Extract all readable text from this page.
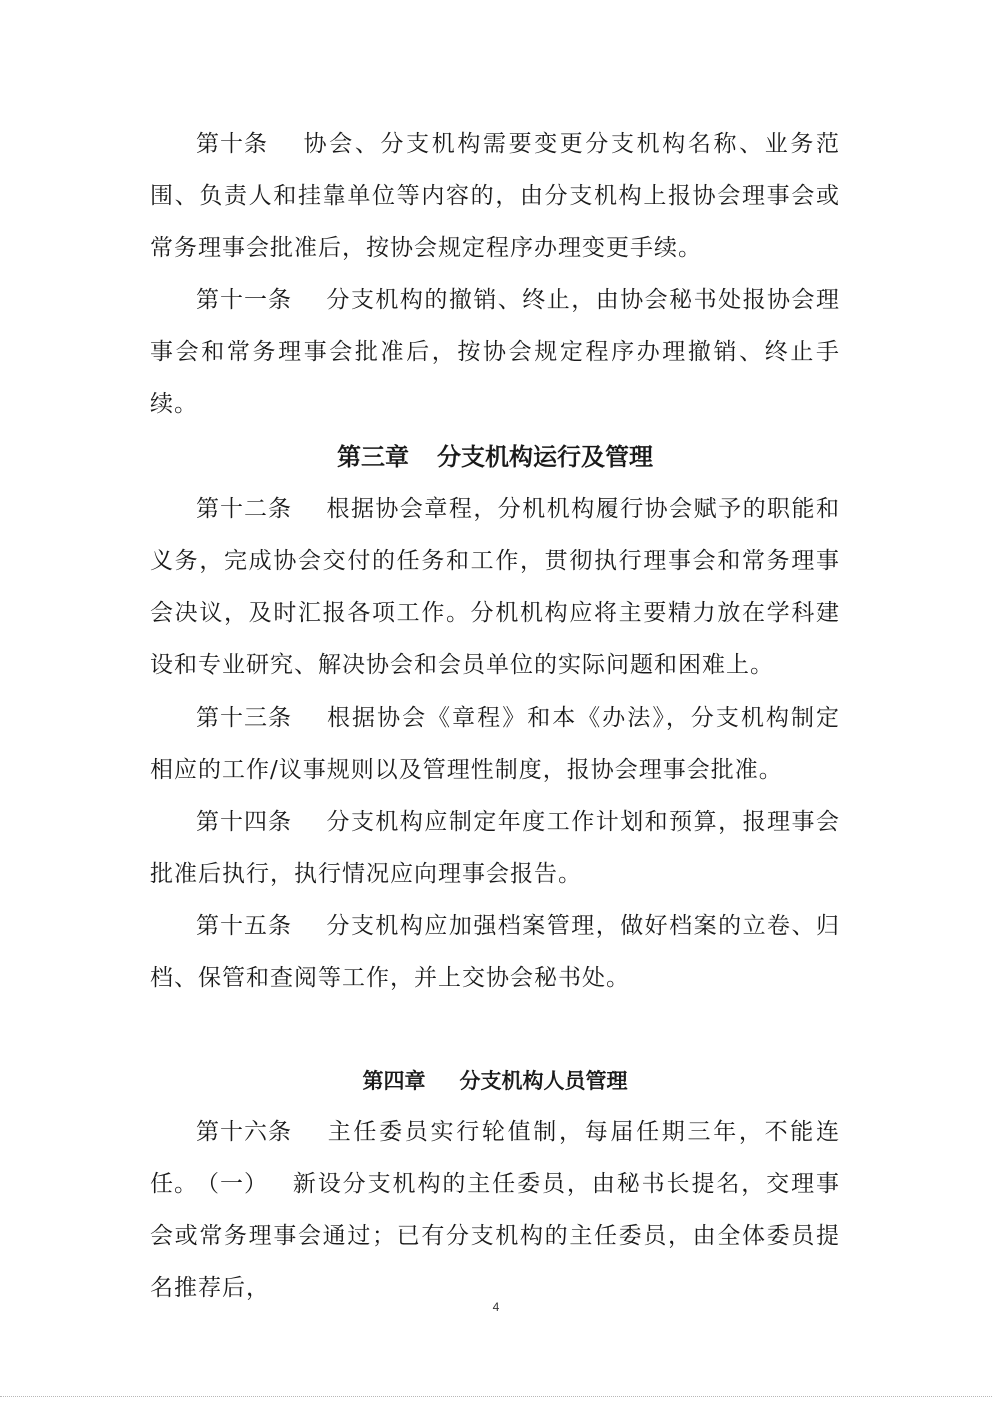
第十条 协会、分支机构需要变更分支机构名称、业务范围、负责人和挂靠单位等内容的，由分支机构上报协会理事会或常务理事会批准后，按协会规定程序办理变更手续。

第十一条 分支机构的撤销、终止，由协会秘书处报协会理事会和常务理事会批准后，按协会规定程序办理撤销、终止手续。

第三章 分支机构运行及管理

第十二条 根据协会章程，分机机构履行协会赋予的职能和义务，完成协会交付的任务和工作，贯彻执行理事会和常务理事会决议，及时汇报各项工作。分机机构应将主要精力放在学科建设和专业研究、解决协会和会员单位的实际问题和困难上。

第十三条 根据协会《章程》和本《办法》，分支机构制定相应的工作/议事规则以及管理性制度，报协会理事会批准。

第十四条 分支机构应制定年度工作计划和预算，报理事会批准后执行，执行情况应向理事会报告。

第十五条 分支机构应加强档案管理，做好档案的立卷、归档、保管和查阅等工作，并上交协会秘书处。

第四章 分支机构人员管理

第十六条 主任委员实行轮值制，每届任期三年，不能连任。

（一） 新设分支机构的主任委员，由秘书长提名，交理事会或常务理事会通过；已有分支机构的主任委员，由全体委员提名推荐后，

4
